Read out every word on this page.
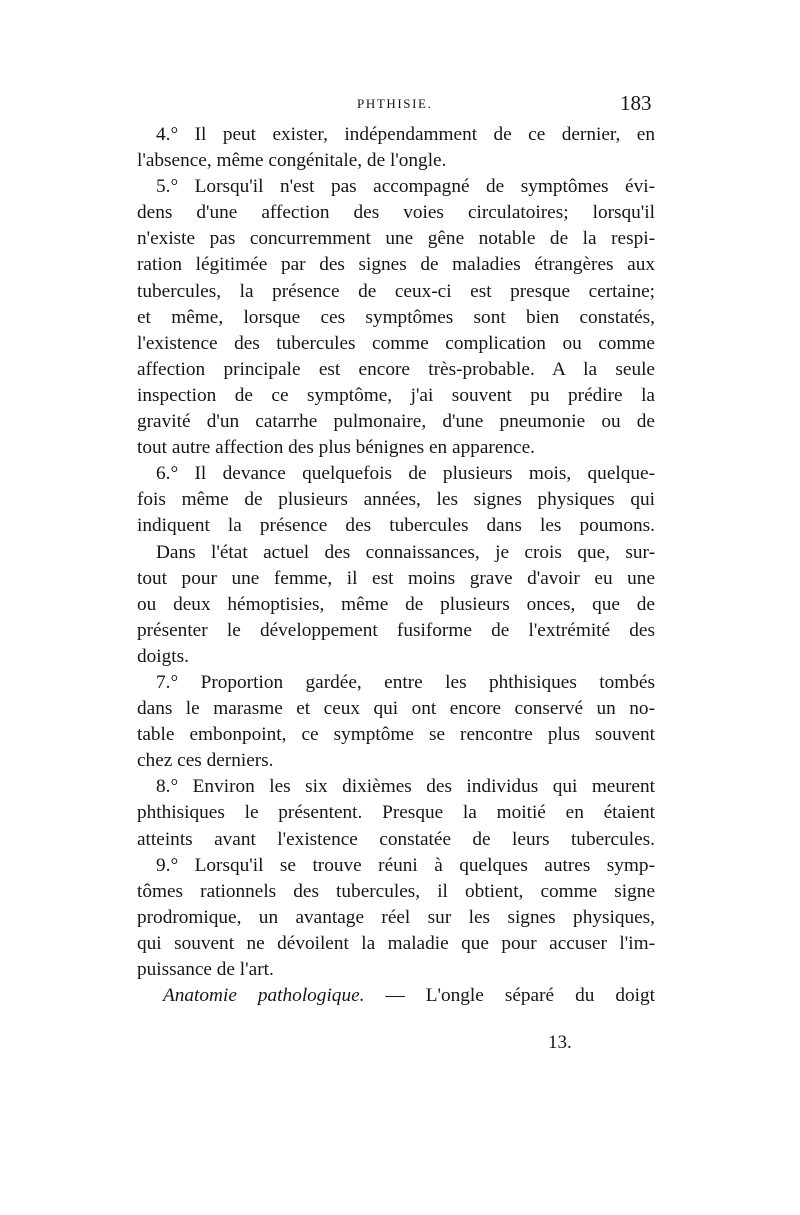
PHTHISIE.	183
4.° Il peut exister, indépendamment de ce dernier, en
l'absence, même congénitale, de l'ongle.
5.° Lorsqu'il n'est pas accompagné de symptômes évi-
dens d'une affection des voies circulatoires; lorsqu'il
n'existe pas concurremment une gêne notable de la respi-
ration légitimée par des signes de maladies étrangères aux
tubercules, la présence de ceux-ci est presque certaine;
et même, lorsque ces symptômes sont bien constatés,
l'existence des tubercules comme complication ou comme
affection principale est encore très-probable. A la seule
inspection de ce symptôme, j'ai souvent pu prédire la
gravité d'un catarrhe pulmonaire, d'une pneumonie ou de
tout autre affection des plus bénignes en apparence.
6.° Il devance quelquefois de plusieurs mois, quelque-
fois même de plusieurs années, les signes physiques qui
indiquent la présence des tubercules dans les poumons.
Dans l'état actuel des connaissances, je crois que, sur-
tout pour une femme, il est moins grave d'avoir eu une
ou deux hémoptisies, même de plusieurs onces, que de
présenter le développement fusiforme de l'extrémité des
doigts.
7.° Proportion gardée, entre les phthisiques tombés
dans le marasme et ceux qui ont encore conservé un no-
table embonpoint, ce symptôme se rencontre plus souvent
chez ces derniers.
8.° Environ les six dixièmes des individus qui meurent
phthisiques le présentent. Presque la moitié en étaient
atteints avant l'existence constatée de leurs tubercules.
9.° Lorsqu'il se trouve réuni à quelques autres symp-
tômes rationnels des tubercules, il obtient, comme signe
prodromique, un avantage réel sur les signes physiques,
qui souvent ne dévoilent la maladie que pour accuser l'im-
puissance de l'art.
Anatomie pathologique. — L'ongle séparé du doigt
13.
